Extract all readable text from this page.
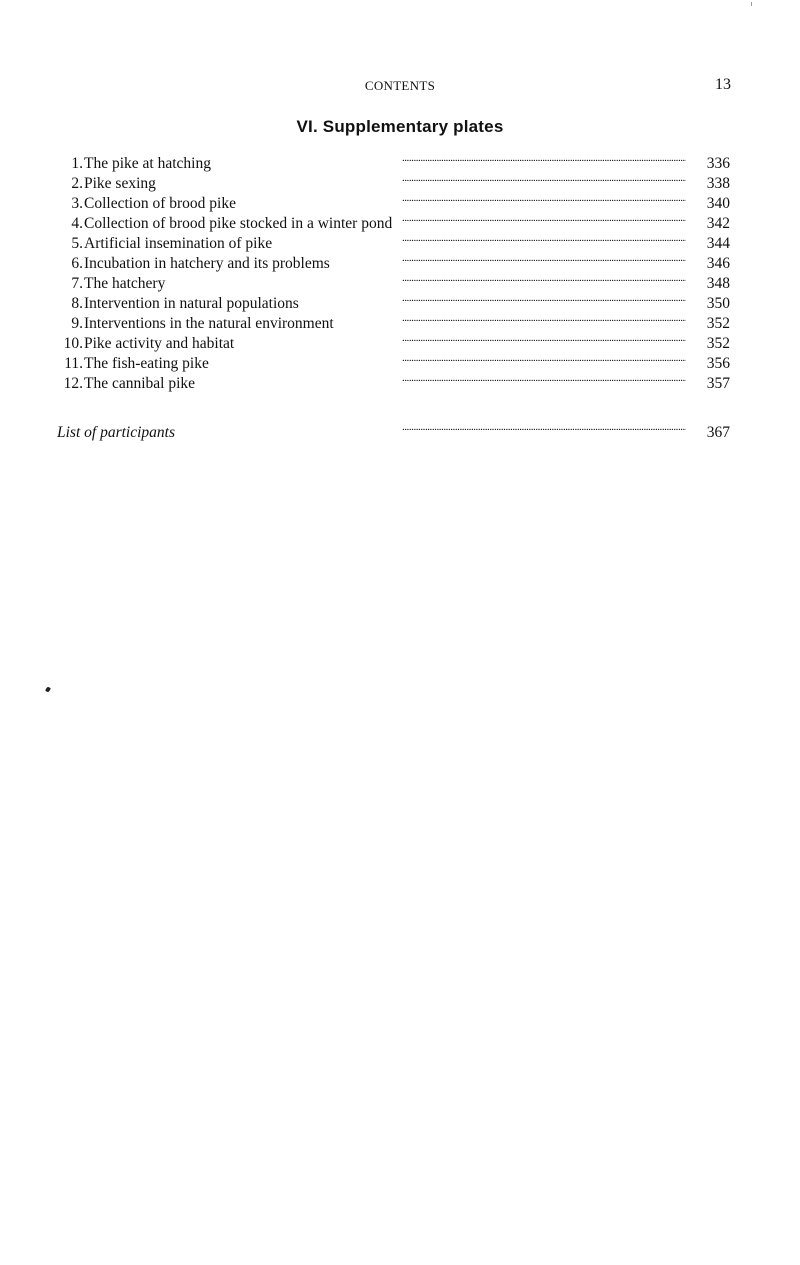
CONTENTS	13
VI. Supplementary plates
1. The pike at hatching . . .	336
2. Pike sexing . . .	338
3. Collection of brood pike . . .	340
4. Collection of brood pike stocked in a winter pond . . .	342
5. Artificial insemination of pike . . .	344
6. Incubation in hatchery and its problems . . .	346
7. The hatchery . . .	348
8. Intervention in natural populations . . .	350
9. Interventions in the natural environment . . .	352
10. Pike activity and habitat . . .	352
11. The fish-eating pike . . .	356
12. The cannibal pike . . .	357
List of participants . . .	367
